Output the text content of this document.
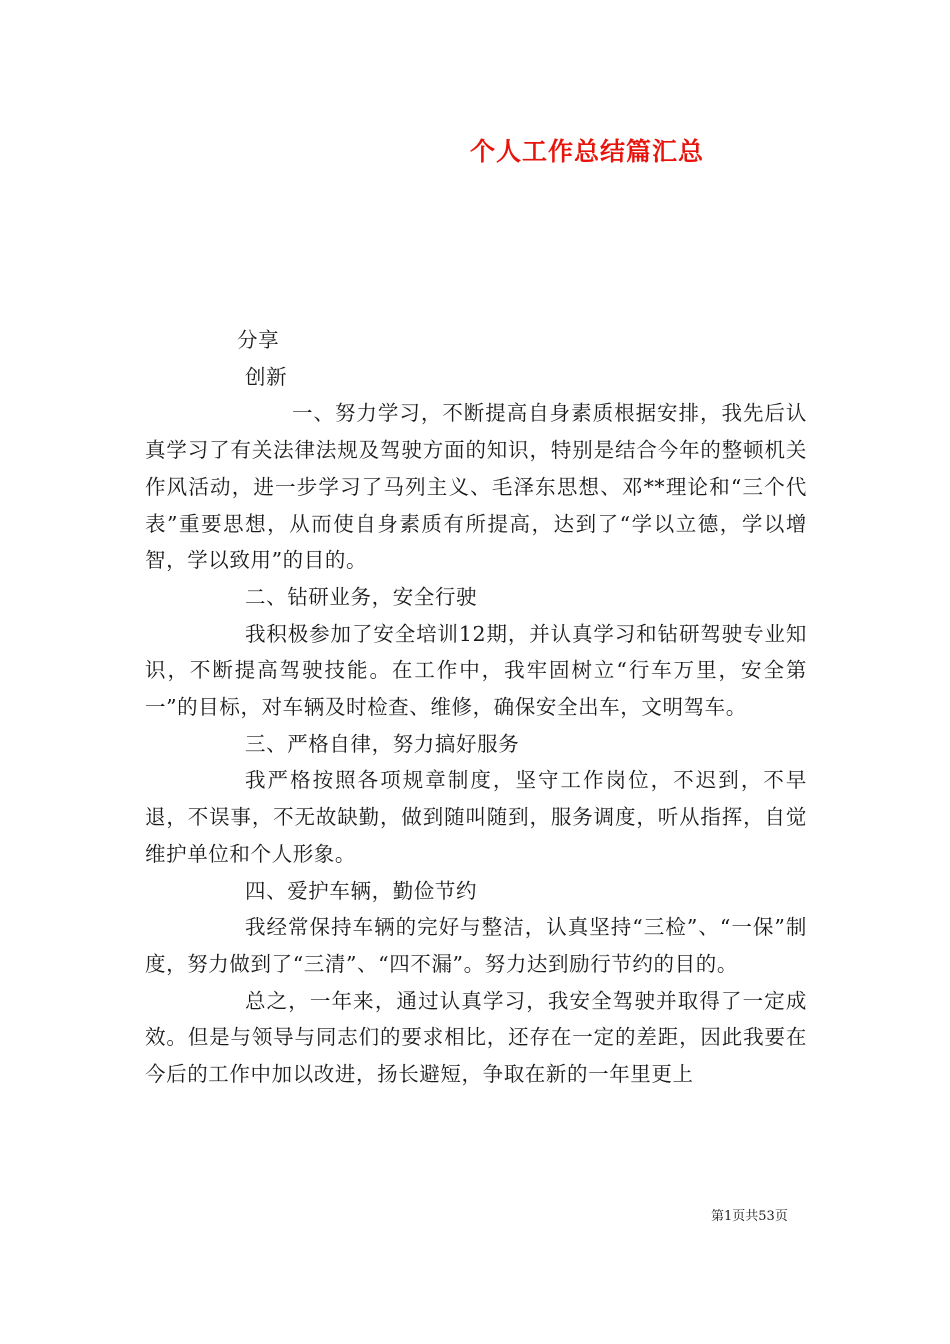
个人工作总结篇汇总

分享

创新

一、努力学习，不断提高自身素质根据安排，我先后认真学习了有关法律法规及驾驶方面的知识，特别是结合今年的整顿机关作风活动，进一步学习了马列主义、毛泽东思想、邓**理论和“三个代表”重要思想，从而使自身素质有所提高，达到了“学以立德，学以增智，学以致用”的目的。

二、钻研业务，安全行驶

我积极参加了安全培训12期，并认真学习和钻研驾驶专业知识，不断提高驾驶技能。在工作中，我牢固树立“行车万里，安全第一”的目标，对车辆及时检查、维修，确保安全出车，文明驾车。

三、严格自律，努力搞好服务

我严格按照各项规章制度，坚守工作岗位，不迟到，不早退，不误事，不无故缺勤，做到随叫随到，服务调度，听从指挥，自觉维护单位和个人形象。

四、爱护车辆，勤俭节约

我经常保持车辆的完好与整洁，认真坚持“三检”、“一保”制度，努力做到了“三清”、“四不漏”。努力达到励行节约的目的。

总之，一年来，通过认真学习，我安全驾驶并取得了一定成效。但是与领导与同志们的要求相比，还存在一定的差距，因此我要在今后的工作中加以改进，扬长避短，争取在新的一年里更上

第1页共53页
